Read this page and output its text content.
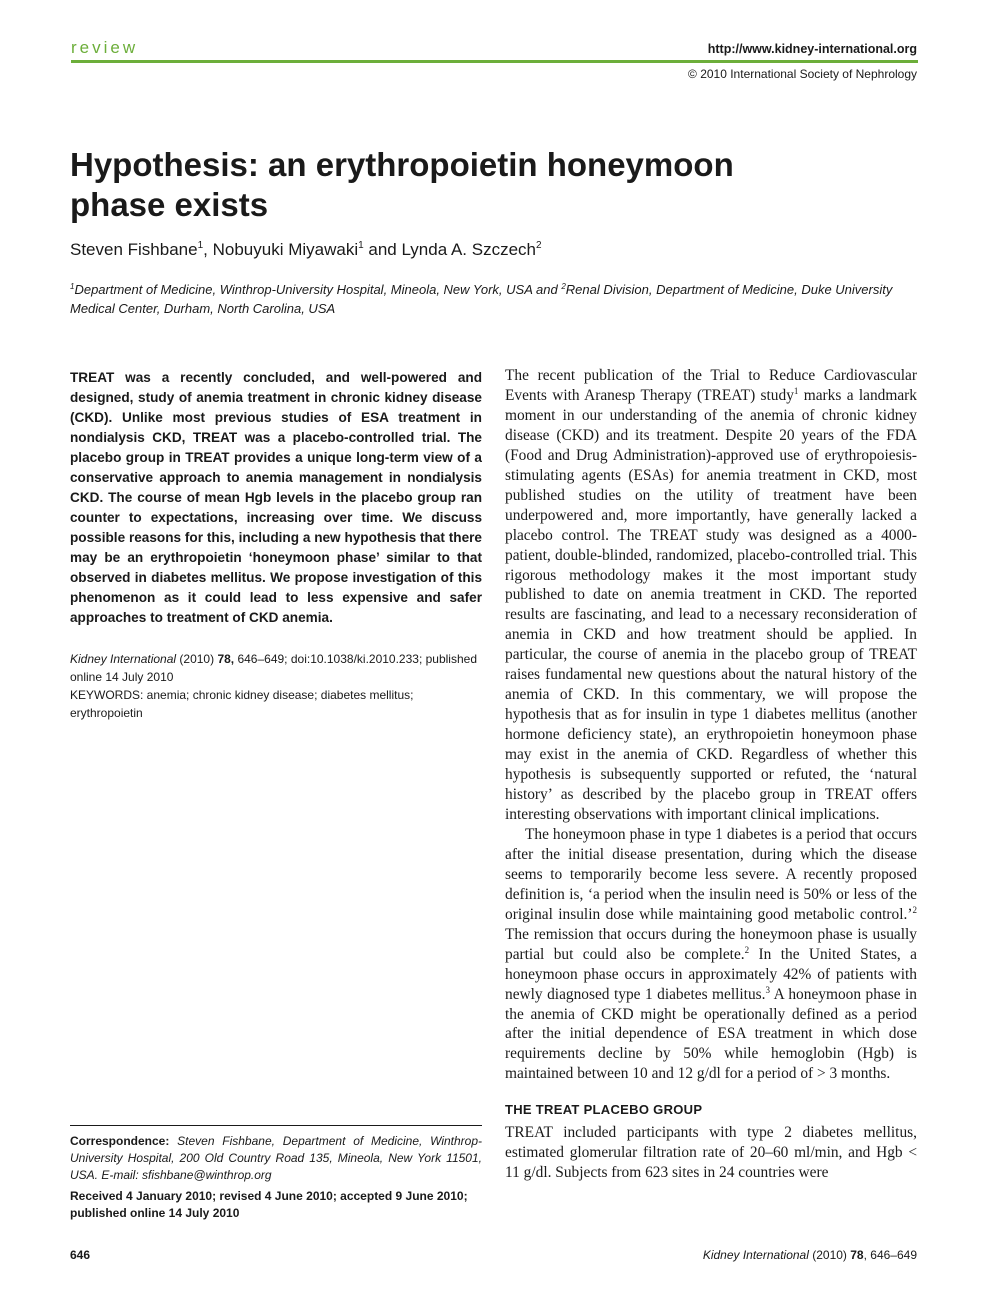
review	http://www.kidney-international.org
© 2010 International Society of Nephrology
Hypothesis: an erythropoietin honeymoon phase exists
Steven Fishbane$^1$, Nobuyuki Miyawaki$^1$ and Lynda A. Szczech$^2$
$^1$Department of Medicine, Winthrop-University Hospital, Mineola, New York, USA and $^2$Renal Division, Department of Medicine, Duke University Medical Center, Durham, North Carolina, USA
TREAT was a recently concluded, and well-powered and designed, study of anemia treatment in chronic kidney disease (CKD). Unlike most previous studies of ESA treatment in nondialysis CKD, TREAT was a placebo-controlled trial. The placebo group in TREAT provides a unique long-term view of a conservative approach to anemia management in nondialysis CKD. The course of mean Hgb levels in the placebo group ran counter to expectations, increasing over time. We discuss possible reasons for this, including a new hypothesis that there may be an erythropoietin ‘honeymoon phase’ similar to that observed in diabetes mellitus. We propose investigation of this phenomenon as it could lead to less expensive and safer approaches to treatment of CKD anemia.
Kidney International (2010) 78, 646–649; doi:10.1038/ki.2010.233; published online 14 July 2010
KEYWORDS: anemia; chronic kidney disease; diabetes mellitus; erythropoietin
Correspondence: Steven Fishbane, Department of Medicine, Winthrop-University Hospital, 200 Old Country Road 135, Mineola, New York 11501, USA. E-mail: sfishbane@winthrop.org
Received 4 January 2010; revised 4 June 2010; accepted 9 June 2010; published online 14 July 2010

The recent publication of the Trial to Reduce Cardiovascular Events with Aranesp Therapy (TREAT) study$^1$ marks a landmark moment in our understanding of the anemia of chronic kidney disease (CKD) and its treatment. Despite 20 years of the FDA (Food and Drug Administration)-approved use of erythropoiesis-stimulating agents (ESAs) for anemia treatment in CKD, most published studies on the utility of treatment have been underpowered and, more importantly, have generally lacked a placebo control. The TREAT study was designed as a 4000-patient, double-blinded, randomized, placebo-controlled trial. This rigorous methodology makes it the most important study published to date on anemia treatment in CKD. The reported results are fascinating, and lead to a necessary reconsideration of anemia in CKD and how treatment should be applied. In particular, the course of anemia in the placebo group of TREAT raises fundamental new questions about the natural history of the anemia of CKD. In this commentary, we will propose the hypothesis that as for insulin in type 1 diabetes mellitus (another hormone deficiency state), an erythropoietin honeymoon phase may exist in the anemia of CKD. Regardless of whether this hypothesis is subsequently supported or refuted, the ‘natural history’ as described by the placebo group in TREAT offers interesting observations with important clinical implications.

The honeymoon phase in type 1 diabetes is a period that occurs after the initial disease presentation, during which the disease seems to temporarily become less severe. A recently proposed definition is, ‘a period when the insulin need is 50% or less of the original insulin dose while maintaining good metabolic control.’$^2$ The remission that occurs during the honeymoon phase is usually partial but could also be complete.$^2$ In the United States, a honeymoon phase occurs in approximately 42% of patients with newly diagnosed type 1 diabetes mellitus.$^3$ A honeymoon phase in the anemia of CKD might be operationally defined as a period after the initial dependence of ESA treatment in which dose requirements decline by 50% while hemoglobin (Hgb) is maintained between 10 and 12 g/dl for a period of > 3 months.

THE TREAT PLACEBO GROUP

TREAT included participants with type 2 diabetes mellitus, estimated glomerular filtration rate of 20–60 ml/min, and Hgb < 11 g/dl. Subjects from 623 sites in 24 countries were

646	Kidney International (2010) 78, 646–649
